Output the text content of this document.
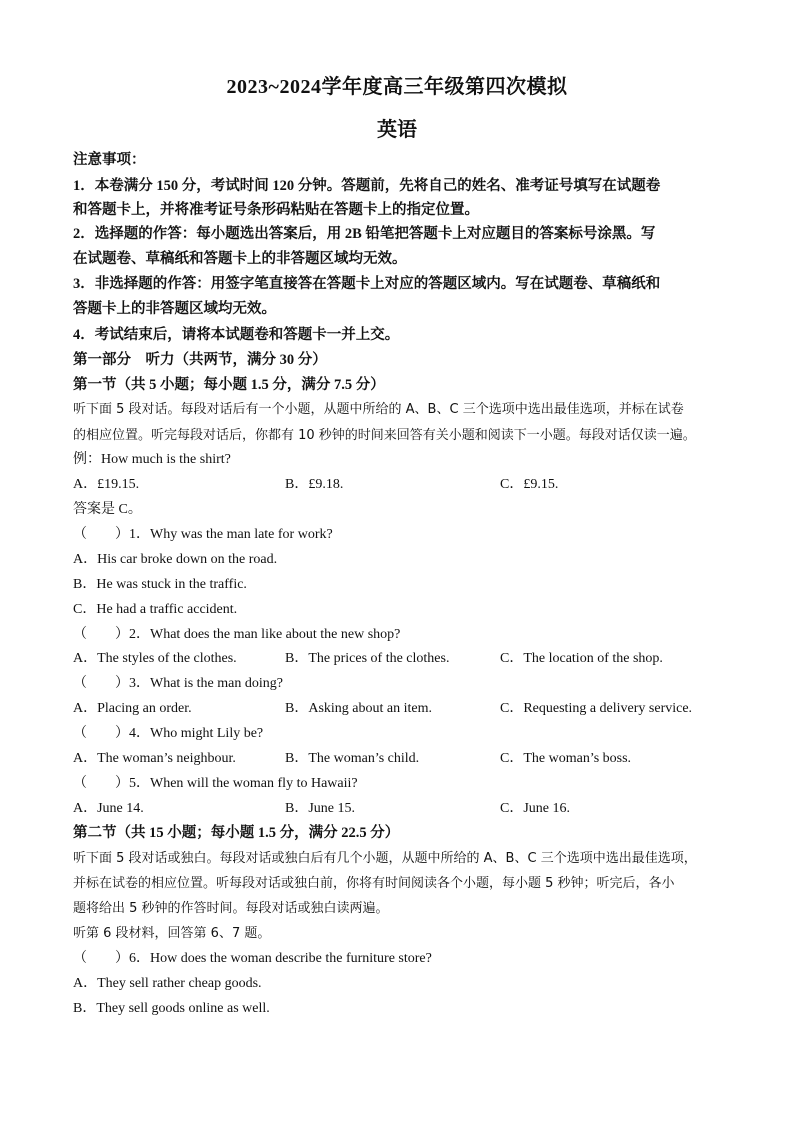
2023~2024学年度高三年级第四次模拟
英语
注意事项：
1．本卷满分 150 分，考试时间 120 分钟。答题前，先将自己的姓名、准考证号填写在试题卷
和答题卡上，并将准考证号条形码粘贴在答题卡上的指定位置。
2．选择题的作答：每小题选出答案后，用 2B 铅笔把答题卡上对应题目的答案标号涂黑。写
在试题卷、草稿纸和答题卡上的非答题区域均无效。
3．非选择题的作答：用签字笔直接答在答题卡上对应的答题区域内。写在试题卷、草稿纸和
答题卡上的非答题区域均无效。
4．考试结束后，请将本试题卷和答题卡一并上交。
第一部分　听力（共两节，满分 30 分）
第一节（共 5 小题；每小题 1.5 分，满分 7.5 分）
听下面 5 段对话。每段对话后有一个小题，从题中所给的 A、B、C 三个选项中选出最佳选项，并标在试卷
的相应位置。听完每段对话后，你都有 10 秒钟的时间来回答有关小题和阅读下一小题。每段对话仅读一遍。
例：How much is the shirt?
A．£19.15.	B．£9.18.	C．£9.15.
答案是 C。
（　　）1．Why was the man late for work?
A．His car broke down on the road.
B．He was stuck in the traffic.
C．He had a traffic accident.
（　　）2．What does the man like about the new shop?
A．The styles of the clothes.	B．The prices of the clothes.	C．The location of the shop.
（　　）3．What is the man doing?
A．Placing an order.	B．Asking about an item.	C．Requesting a delivery service.
（　　）4．Who might Lily be?
A．The woman’s neighbour.	B．The woman’s child.	C．The woman’s boss.
（　　）5．When will the woman fly to Hawaii?
A．June 14.	B．June 15.	C．June 16.
第二节（共 15 小题；每小题 1.5 分，满分 22.5 分）
听下面 5 段对话或独白。每段对话或独白后有几个小题，从题中所给的 A、B、C 三个选项中选出最佳选项，
并标在试卷的相应位置。听每段对话或独白前，你将有时间阅读各个小题，每小题 5 秒钟；听完后，各小
题将给出 5 秒钟的作答时间。每段对话或独白读两遍。
听第 6 段材料，回答第 6、7 题。
（　　）6．How does the woman describe the furniture store?
A．They sell rather cheap goods.
B．They sell goods online as well.
